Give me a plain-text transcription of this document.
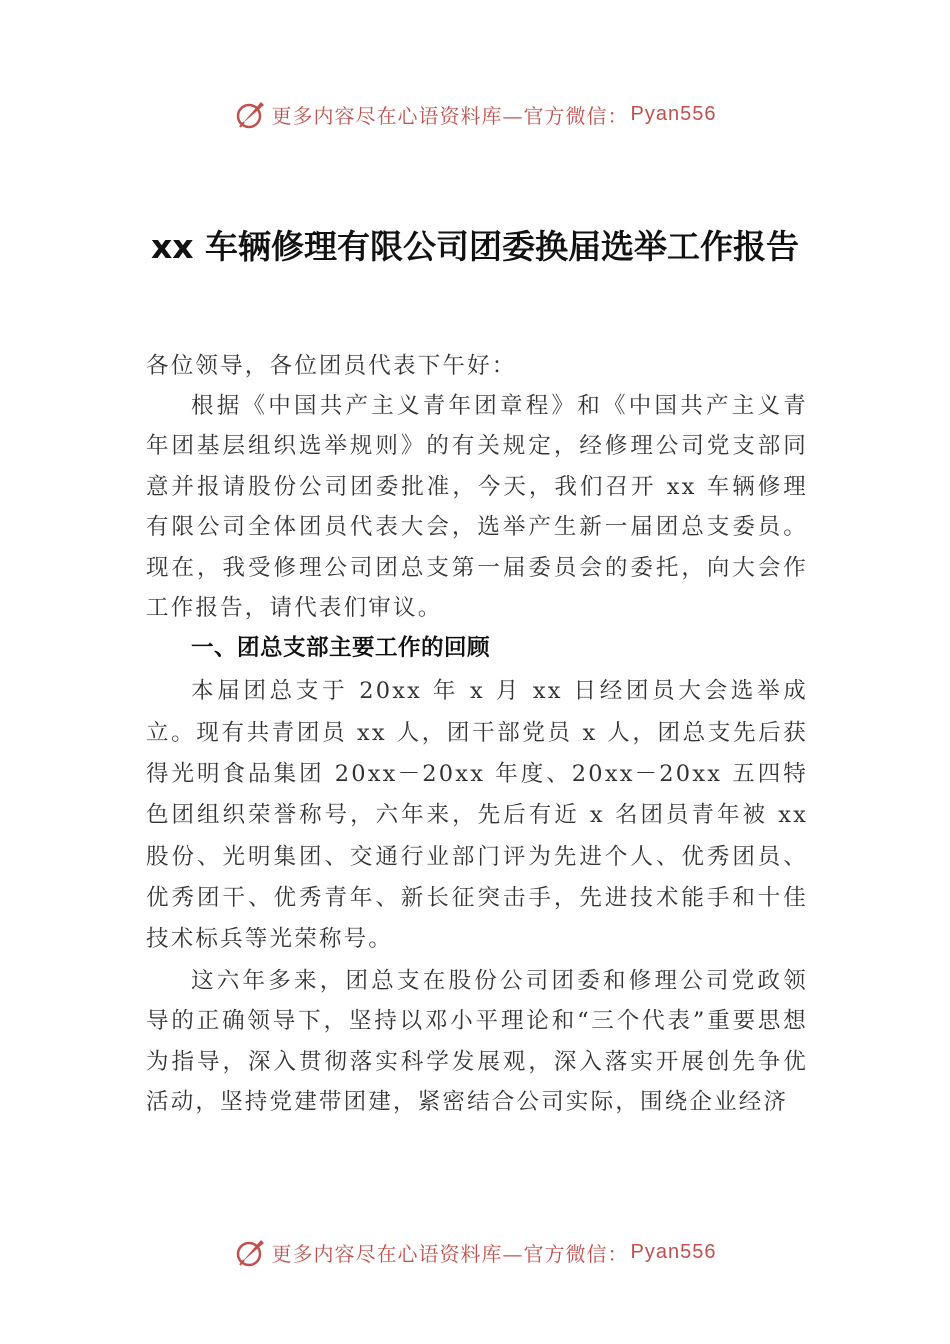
更多内容尽在心语资料库—官方微信： Pyan556
xx 车辆修理有限公司团委换届选举工作报告

各位领导，各位团员代表下午好：

根据《中国共产主义青年团章程》和《中国共产主义青年团基层组织选举规则》的有关规定，经修理公司党支部同意并报请股份公司团委批准，今天，我们召开 xx 车辆修理有限公司全体团员代表大会，选举产生新一届团总支委员。现在，我受修理公司团总支第一届委员会的委托，向大会作工作报告，请代表们审议。

一、团总支部主要工作的回顾

本届团总支于 20xx 年 x 月 xx 日经团员大会选举成立。现有共青团员 xx 人，团干部党员 x 人，团总支先后获得光明食品集团 20xx－20xx 年度、20xx－20xx 五四特色团组织荣誉称号，六年来，先后有近 x 名团员青年被 xx 股份、光明集团、交通行业部门评为先进个人、优秀团员、优秀团干、优秀青年、新长征突击手，先进技术能手和十佳技术标兵等光荣称号。

这六年多来，团总支在股份公司团委和修理公司党政领导的正确领导下，坚持以邓小平理论和“三个代表”重要思想为指导，深入贯彻落实科学发展观，深入落实开展创先争优活动，坚持党建带团建，紧密结合公司实际，围绕企业经济

更多内容尽在心语资料库—官方微信： Pyan556
